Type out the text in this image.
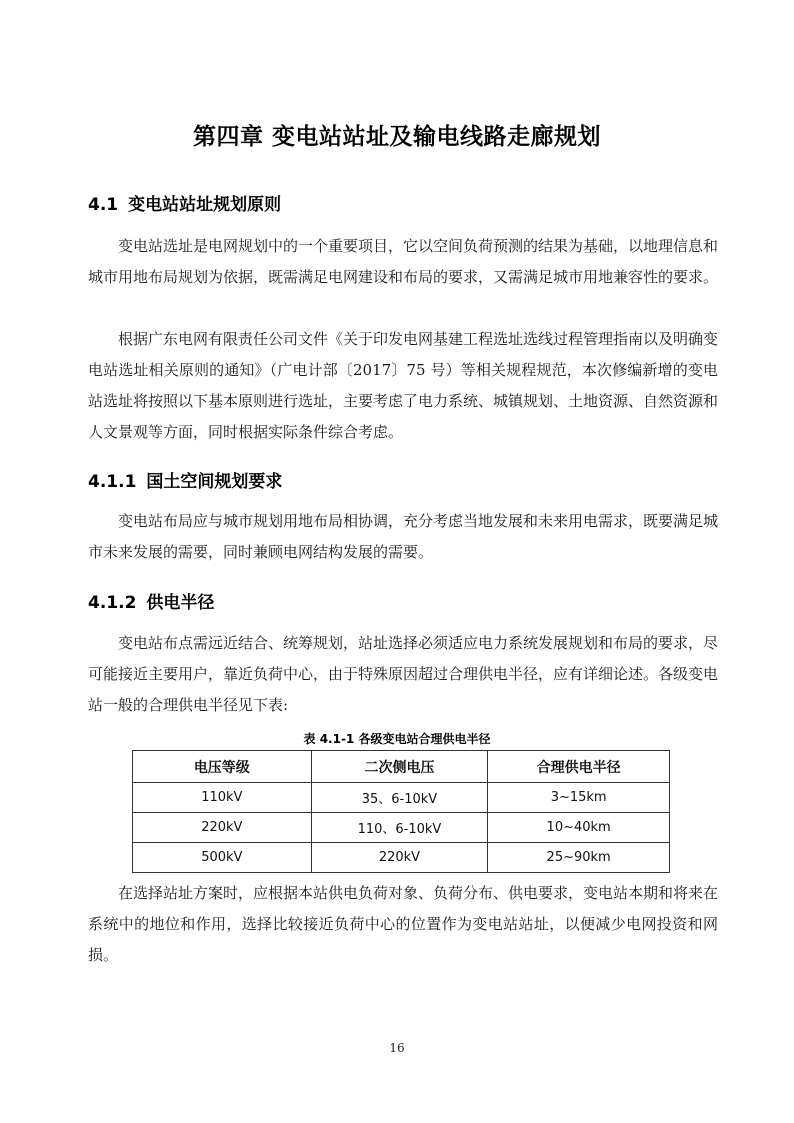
第四章 变电站站址及输电线路走廊规划
4.1 变电站站址规划原则
变电站选址是电网规划中的一个重要项目，它以空间负荷预测的结果为基础，以地理信息和城市用地布局规划为依据，既需满足电网建设和布局的要求，又需满足城市用地兼容性的要求。
根据广东电网有限责任公司文件《关于印发电网基建工程选址选线过程管理指南以及明确变电站选址相关原则的通知》（广电计部〔2017〕75 号）等相关规程规范，本次修编新增的变电站选址将按照以下基本原则进行选址，主要考虑了电力系统、城镇规划、土地资源、自然资源和人文景观等方面，同时根据实际条件综合考虑。
4.1.1 国土空间规划要求
变电站布局应与城市规划用地布局相协调，充分考虑当地发展和未来用电需求，既要满足城市未来发展的需要，同时兼顾电网结构发展的需要。
4.1.2 供电半径
变电站布点需远近结合、统筹规划，站址选择必须适应电力系统发展规划和布局的要求，尽可能接近主要用户，靠近负荷中心，由于特殊原因超过合理供电半径，应有详细论述。各级变电站一般的合理供电半径见下表:
表 4.1-1 各级变电站合理供电半径
电压等级	二次侧电压	合理供电半径
110kV	35、6-10kV	3~15km
220kV	110、6-10kV	10~40km
500kV	220kV	25~90km
在选择站址方案时，应根据本站供电负荷对象、负荷分布、供电要求，变电站本期和将来在系统中的地位和作用，选择比较接近负荷中心的位置作为变电站站址，以便减少电网投资和网损。
16
